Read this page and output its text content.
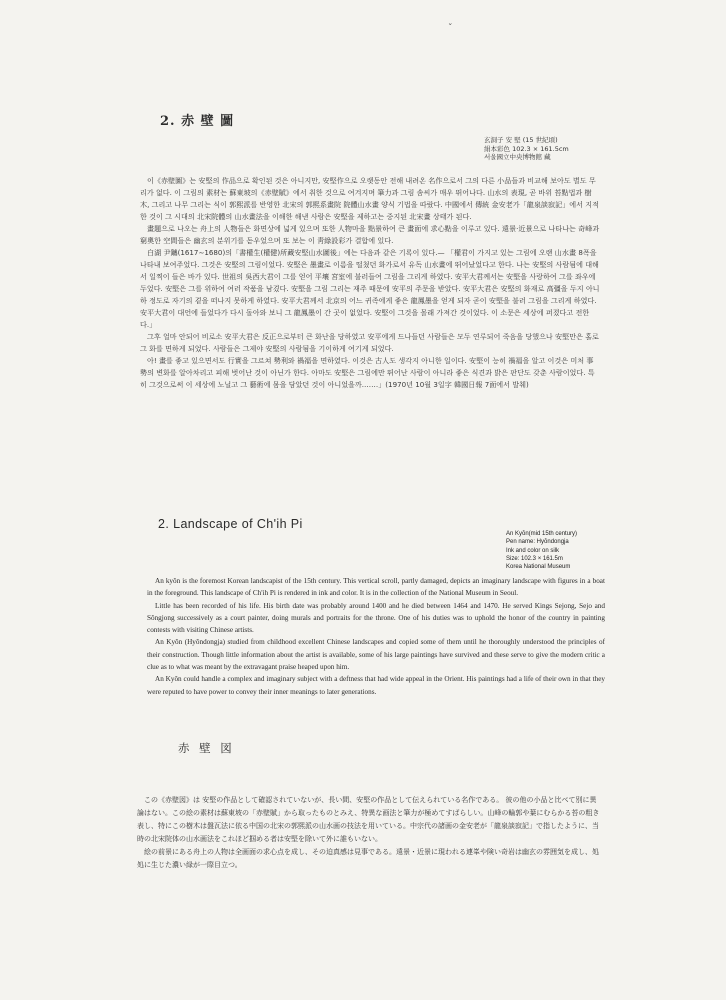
ˇ
2. 赤 壁 圖
玄洞子 安 堅 (15 世紀頃)
絹本彩色 102.3 × 161.5cm
서울國立中央博物館 藏

이《赤壁圖》는 安堅의 作品으로 확인된 것은 아니지만, 安堅作으로 오랫동안 전해 내려온 名作으로서 그의 다른 小品들과 비교해 보아도 별도 무리가 없다. 이 그림의 素材는 蘇東坡의《赤壁賦》에서 취한 것으로 여겨지며 筆力과 그림 솜씨가 매우 뛰어나다. 山水의 表現, 곧 바위 苔點법과 樹木, 그리고 나무 그리는 식이 郭熙派를 반영한 北宋의 郭熙系畫院 院體山水畫 양식 기법을 따랐다. 中國에서 傳統 金安老가「龍泉談寂記」에서 지적한 것이 그 시대의 北宋院體의 山水畫法을 이해한 해낸 사람은 安堅을 제하고는 중지된 北宋畫 상태가 된다.

畫題으로 나오는 舟上의 人物들은 화면상에 넓게 있으며 또한 人物마을 點景하여 큰 畫面에 求心點을 이루고 있다. 遠景·近景으로 나타나는 奇峰과 窮奧한 空間들은 幽玄의 분위기를 돋우었으며 또 보는 이 靑綠設彩가 결합에 있다.

白湖 尹鑴(1617∼1680)의「書權生(權健)所藏安堅山水圖後」에는 다음과 같은 기록이 있다.— 「權君이 가지고 있는 그림에 오랜 山水畫 8폭을 나타내 보여주었다. 그것은 安堅의 그림이었다. 安堅은 墨畫로 이름을 떨쳤던 화가로서 유독 山水畫에 뛰어났었다고 한다. 나는 安堅의 사람됨에 대해서 일찍이 들은 바가 있다. 世祖의 吳西大君이 그를 얻어 平壤 宮室에 불러들여 그림을 그리게 하였다. 安平大君께서는 安堅을 사랑하여 그를 좌우에 두었다. 安堅은 그를 위하여 여러 작품을 남겼다. 安堅을 그림 그리는 재주 때문에 安平의 주문을 받았다. 安平大君은 安堅의 화재로 高彊을 두지 아니하 정도로 자기의 곁을 떠나지 못하게 하였다. 安平大君께서 北京의 어느 귀족에게 좋은 龍鳳墨을 얻게 되자 곧이 安堅을 불러 그림을 그리게 하였다. 安平大君이 대언에 들었다가 다시 돌아와 보니 그 龍鳳墨이 간 곳이 없었다. 安堅이 그것을 몰래 가져간 것이었다. 이 소문은 세상에 퍼졌다고 전한다.」

그후 얼마 안되어 비로소 安平大君은 反正으로부터 큰 화난을 당하였고 安平에게 드나들던 사람들은 모두 연루되어 죽음을 당했으나 安堅만은 홀로 그 화를 면하게 되었다. 사람들은 그제야 安堅의 사람됨을 기이하게 여기게 되었다.

아! 畫를 좋고 있으면서도 行實을 그르쳐 勢利와 禍福을 면하였다. 이것은 古人도 생각지 아니한 일이다. 安堅이 능히 禍福을 알고 이것은 미처 事勢의 변화를 알아차리고 피해 벗어난 것이 아닌가 한다. 아마도 安堅은 그림에만 뛰어난 사람이 아니라 좋은 식견과 밝은 판단도 갖춘 사람이었다. 특히 그것으로써 이 세상에 노닐고 그 藝術에 몸을 담았던 것이 아니었을까.……」(1970년 10월 3일字 韓國日報 7面에서 발췌)

2. Landscape of Ch'ih Pi
An Kyŏn(mid 15th century)
Pen name: Hyŏndongja
Ink and color on silk
Size: 102.3 × 161.5m
Korea National Museum

An kyŏn is the foremost Korean landscapist of the 15th century. This vertical scroll, partly damaged, depicts an imaginary landscape with figures in a boat in the foreground. This landscape of Ch'ih Pi is rendered in ink and color. It is in the collection of the National Museum in Seoul.

Little has been recorded of his life. His birth date was probably around 1400 and he died between 1464 and 1470. He served Kings Sejong, Sejo and Sŏngjong successively as a court painter, doing murals and portraits for the throne. One of his duties was to uphold the honor of the country in painting contests with visiting Chinese artists.

An Kyŏn (Hyŏndongja) studied from childhood excellent Chinese landscapes and copied some of them until he thoroughly understood the principles of their construction. Though little information about the artist is available, some of his large paintings have survived and these serve to give the modern critic a clue as to what was meant by the extravagant praise heaped upon him.

An Kyŏn could handle a complex and imaginary subject with a deftness that had wide appeal in the Orient. His paintings had a life of their own in that they were reputed to have power to convey their inner meanings to later generations.

赤 壁 図

この《赤壁図》は 安堅の作品として確認されていないが、長い間、安堅の作品として伝えられている名作である。 彼の他の小品と比べて別に異論はない。この絵の素材は蘇東坡の「赤壁賦」から取ったものとみえ、特異な画法と筆力が極めてすばらしい。山峰の輪郭や葉にむらかる苔の粗き表し、特にこの樹木は盤瓦法に依る中国の北宋の郭煕派の山水画の技法を用いている。中宗代の諸画の金安老が「龍泉談寂記」で指したように、当時の北宋院体の山水画法をこれほど掴める者は安堅を除いて外に誰もいない。

絵の前景にある舟上の人物は全画面の求心点を成し、その迫真感は見事である。遠景・近景に現われる連峯や険い奇岩は幽玄の雰囲気を成し、処処に生じた濃い緑が一際目立つ。
